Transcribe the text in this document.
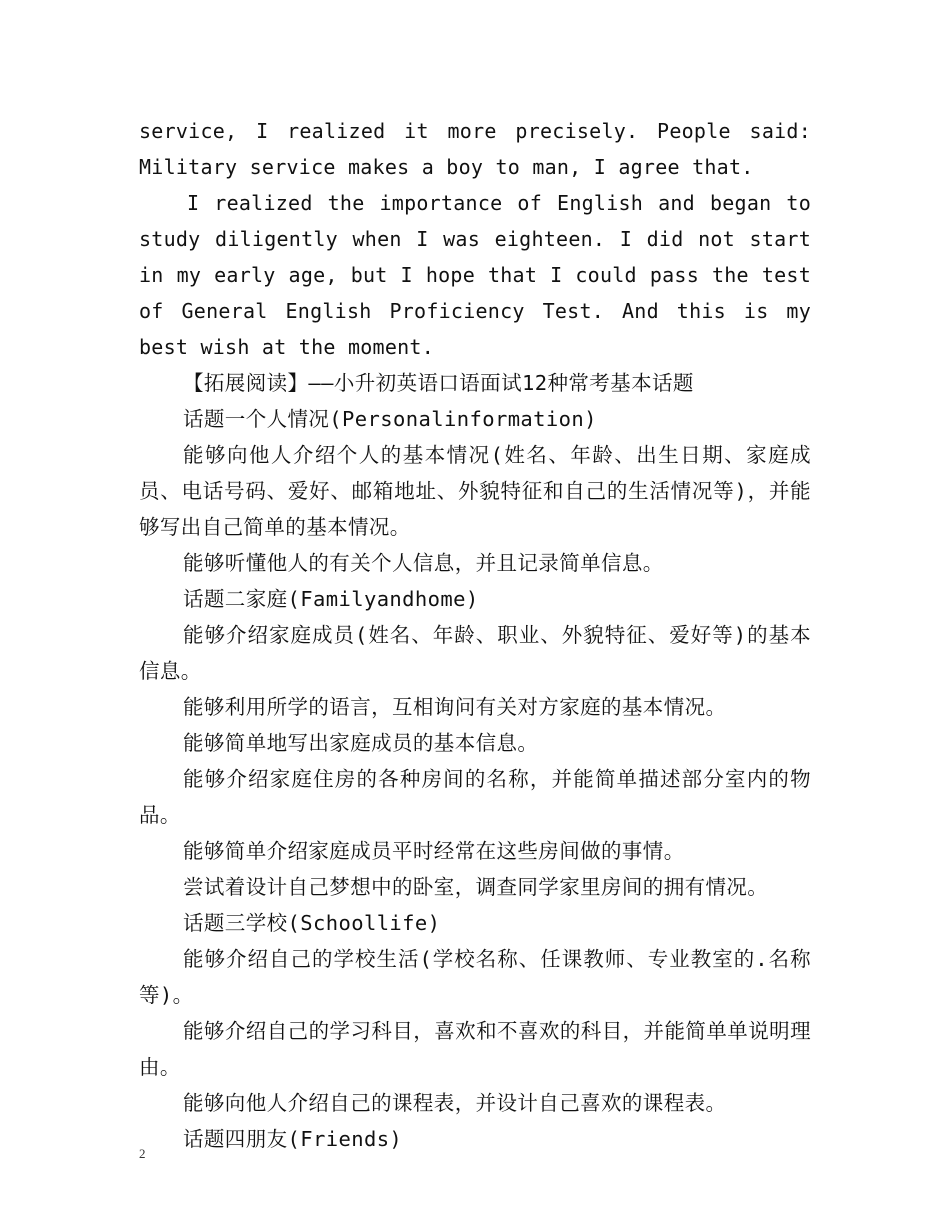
service, I realized it more precisely. People said: Military service makes a boy to man, I agree that.

I realized the importance of English and began to study diligently when I was eighteen. I did not start in my early age, but I hope that I could pass the test of General English Proficiency Test. And this is my best wish at the moment.

【拓展阅读】——小升初英语口语面试12种常考基本话题

话题一个人情况(Personalinformation)

能够向他人介绍个人的基本情况(姓名、年龄、出生日期、家庭成员、电话号码、爱好、邮箱地址、外貌特征和自己的生活情况等)，并能够写出自己简单的基本情况。

能够听懂他人的有关个人信息，并且记录简单信息。

话题二家庭(Familyandhome)

能够介绍家庭成员(姓名、年龄、职业、外貌特征、爱好等)的基本信息。

能够利用所学的语言，互相询问有关对方家庭的基本情况。

能够简单地写出家庭成员的基本信息。

能够介绍家庭住房的各种房间的名称，并能简单描述部分室内的物品。

能够简单介绍家庭成员平时经常在这些房间做的事情。

尝试着设计自己梦想中的卧室，调查同学家里房间的拥有情况。

话题三学校(Schoollife)

能够介绍自己的学校生活(学校名称、任课教师、专业教室的.名称等)。

能够介绍自己的学习科目，喜欢和不喜欢的科目，并能简单单说明理由。

能够向他人介绍自己的课程表，并设计自己喜欢的课程表。

话题四朋友(Friends)

2
